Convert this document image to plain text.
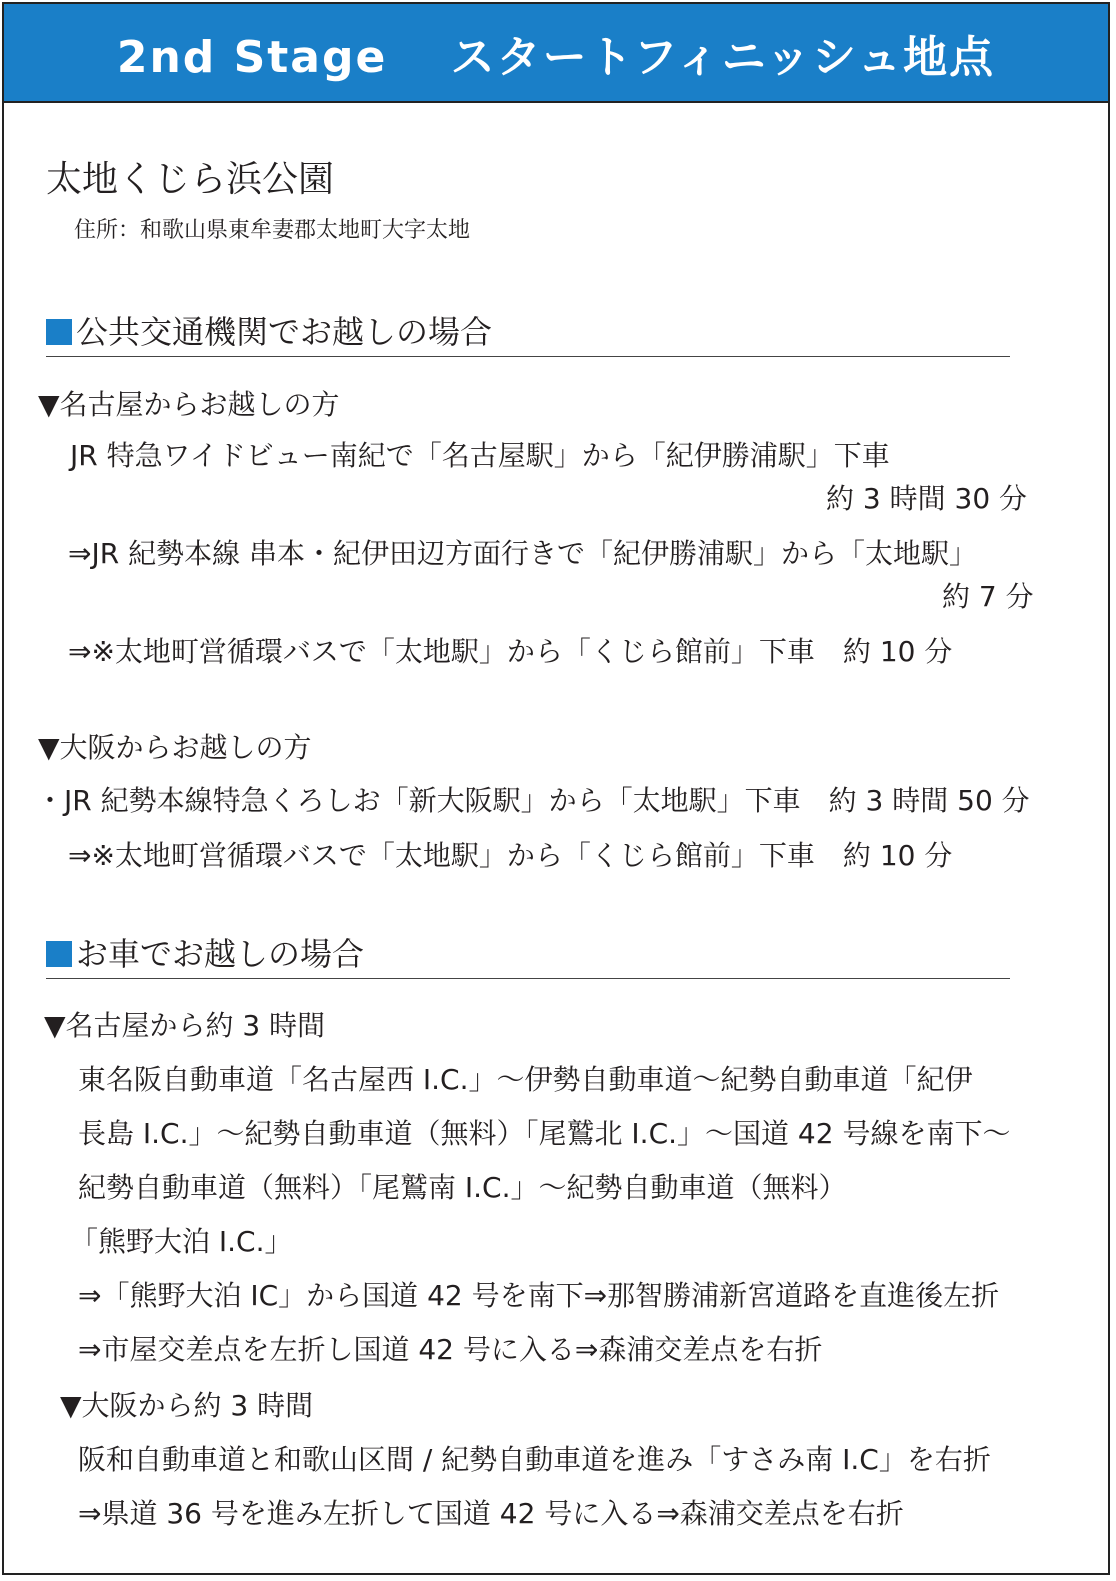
2nd Stage　 スタートフィニッシュ地点
太地くじら浜公園
住所：和歌山県東牟妻郡太地町大字太地
公共交通機関でお越しの場合
▼名古屋からお越しの方
JR 特急ワイドビュー南紀で「名古屋駅」から「紀伊勝浦駅」下車
約 3 時間 30 分
⇒JR 紀勢本線 串本・紀伊田辺方面行きで「紀伊勝浦駅」から「太地駅」
約 7 分
⇒※太地町営循環バスで「太地駅」から「くじら館前」下車　約 10 分
▼大阪からお越しの方
・JR 紀勢本線特急くろしお「新大阪駅」から「太地駅」下車　約 3 時間 50 分
⇒※太地町営循環バスで「太地駅」から「くじら館前」下車　約 10 分
お車でお越しの場合
▼名古屋から約 3 時間
東名阪自動車道「名古屋西 I.C.」〜伊勢自動車道〜紀勢自動車道「紀伊
長島 I.C.」〜紀勢自動車道（無料）「尾鷲北 I.C.」〜国道 42 号線を南下〜
紀勢自動車道（無料）「尾鷲南 I.C.」〜紀勢自動車道（無料）
「熊野大泊 I.C.」
⇒「熊野大泊 IC」から国道 42 号を南下⇒那智勝浦新宮道路を直進後左折
⇒市屋交差点を左折し国道 42 号に入る⇒森浦交差点を右折
▼大阪から約 3 時間
阪和自動車道と和歌山区間 / 紀勢自動車道を進み「すさみ南 I.C」を右折
⇒県道 36 号を進み左折して国道 42 号に入る⇒森浦交差点を右折
